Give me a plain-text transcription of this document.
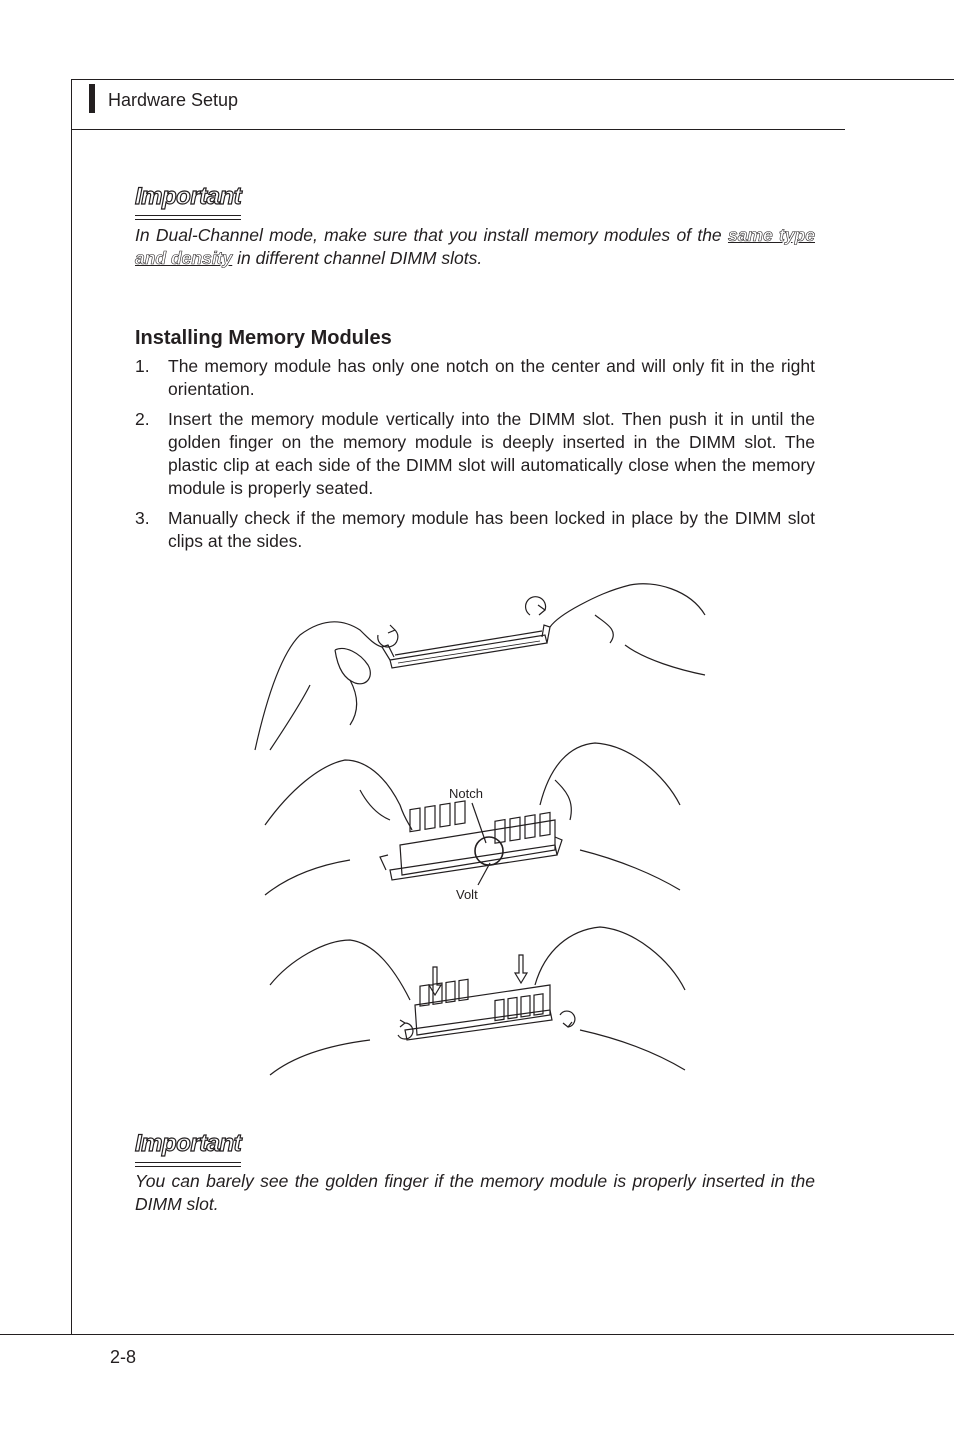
Hardware Setup
Important
In Dual-Channel mode, make sure that you install memory modules of the same type and density in different channel DIMM slots.
Installing Memory Modules
1. The memory module has only one notch on the center and will only fit in the right orientation.
2. Insert the memory module vertically into the DIMM slot. Then push it in until the golden finger on the memory module is deeply inserted in the DIMM slot. The plastic clip at each side of the DIMM slot will automatically close when the memory module is properly seated.
3. Manually check if the memory module has been locked in place by the DIMM slot clips at the sides.
Notch
Volt
Important
You can barely see the golden finger if the memory module is properly inserted in the DIMM slot.
2-8
